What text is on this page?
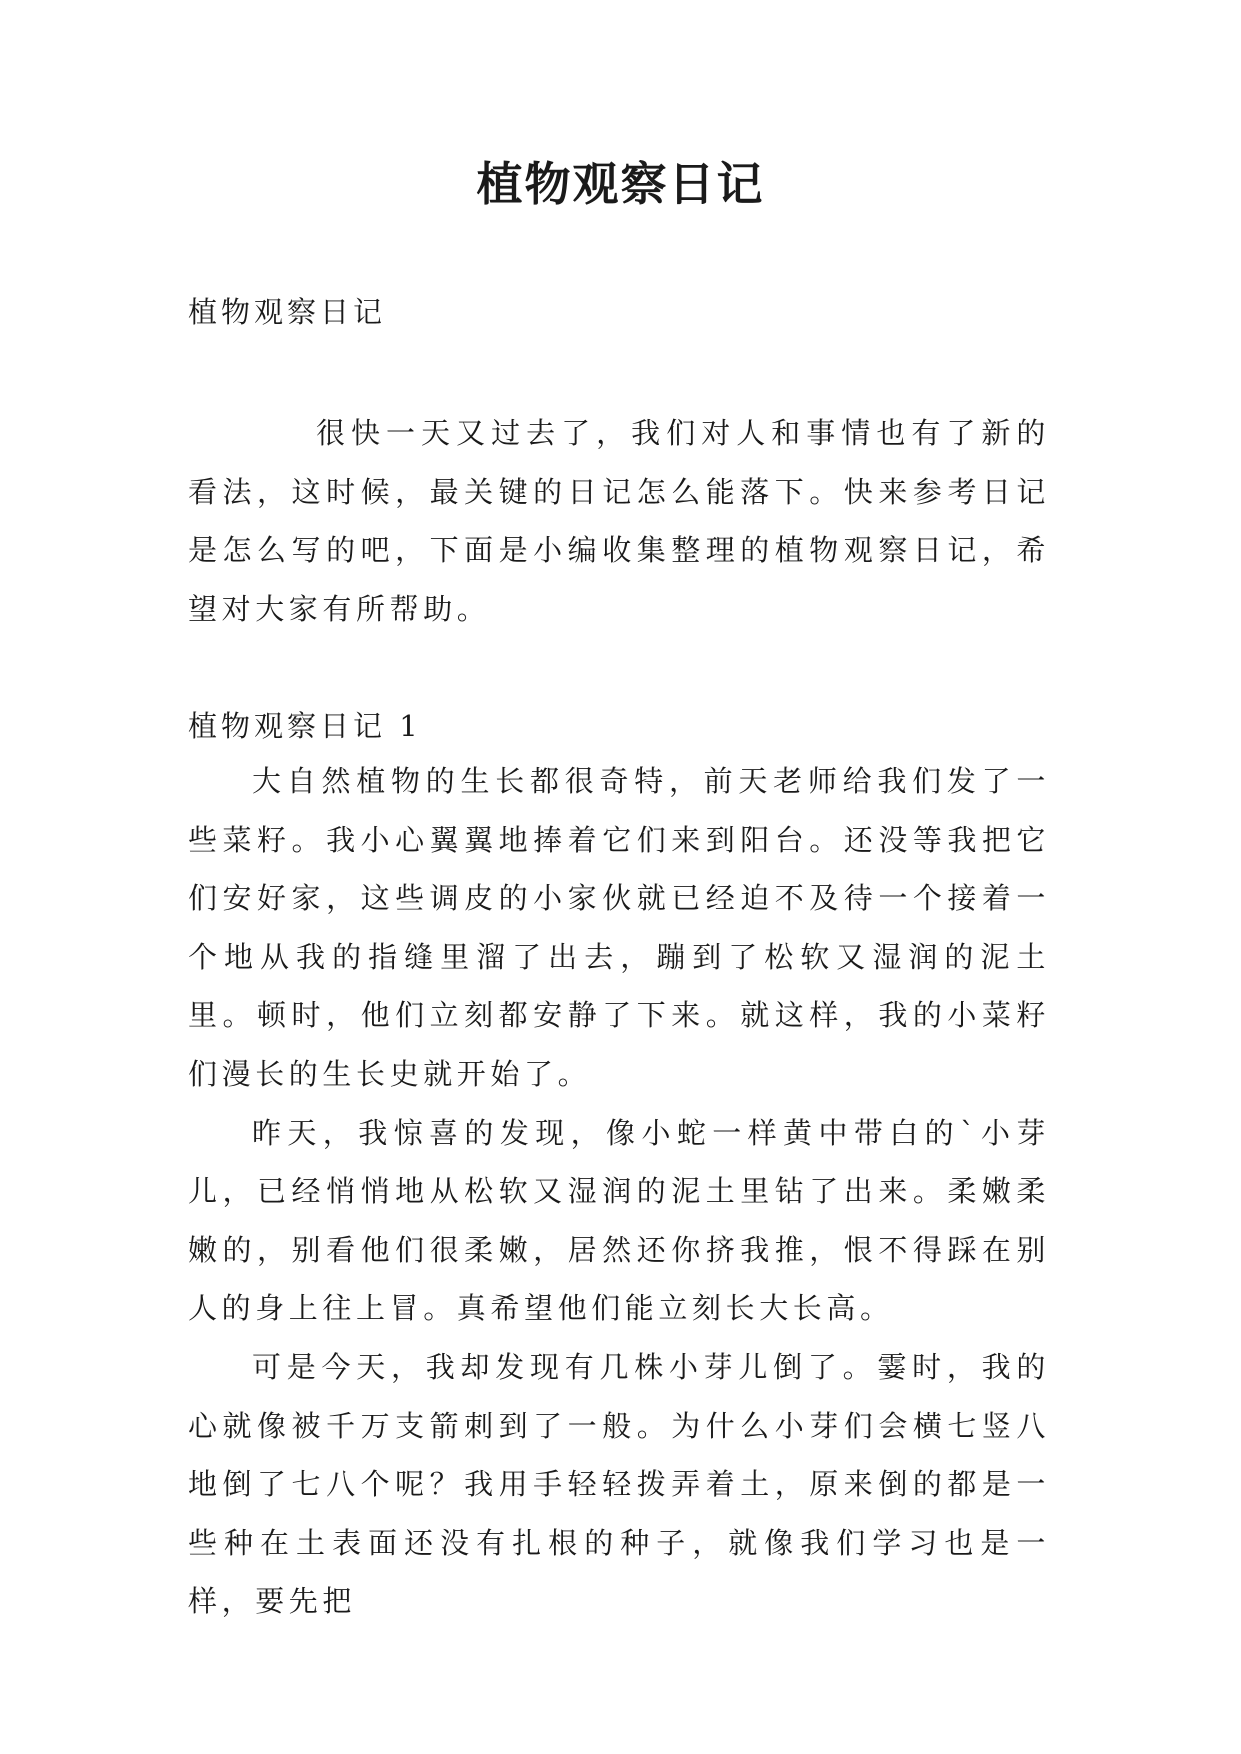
植物观察日记

植物观察日记

很快一天又过去了，我们对人和事情也有了新的看法，这时候，最关键的日记怎么能落下。快来参考日记是怎么写的吧，下面是小编收集整理的植物观察日记，希望对大家有所帮助。

植物观察日记 1

大自然植物的生长都很奇特，前天老师给我们发了一些菜籽。我小心翼翼地捧着它们来到阳台。还没等我把它们安好家，这些调皮的小家伙就已经迫不及待一个接着一个地从我的指缝里溜了出去，蹦到了松软又湿润的泥土里。顿时，他们立刻都安静了下来。就这样，我的小菜籽们漫长的生长史就开始了。

昨天，我惊喜的发现，像小蛇一样黄中带白的`小芽儿，已经悄悄地从松软又湿润的泥土里钻了出来。柔嫩柔嫩的，别看他们很柔嫩，居然还你挤我推，恨不得踩在别人的身上往上冒。真希望他们能立刻长大长高。

可是今天，我却发现有几株小芽儿倒了。霎时，我的心就像被千万支箭刺到了一般。为什么小芽们会横七竖八地倒了七八个呢？我用手轻轻拨弄着土，原来倒的都是一些种在土表面还没有扎根的种子，就像我们学习也是一样，要先把
